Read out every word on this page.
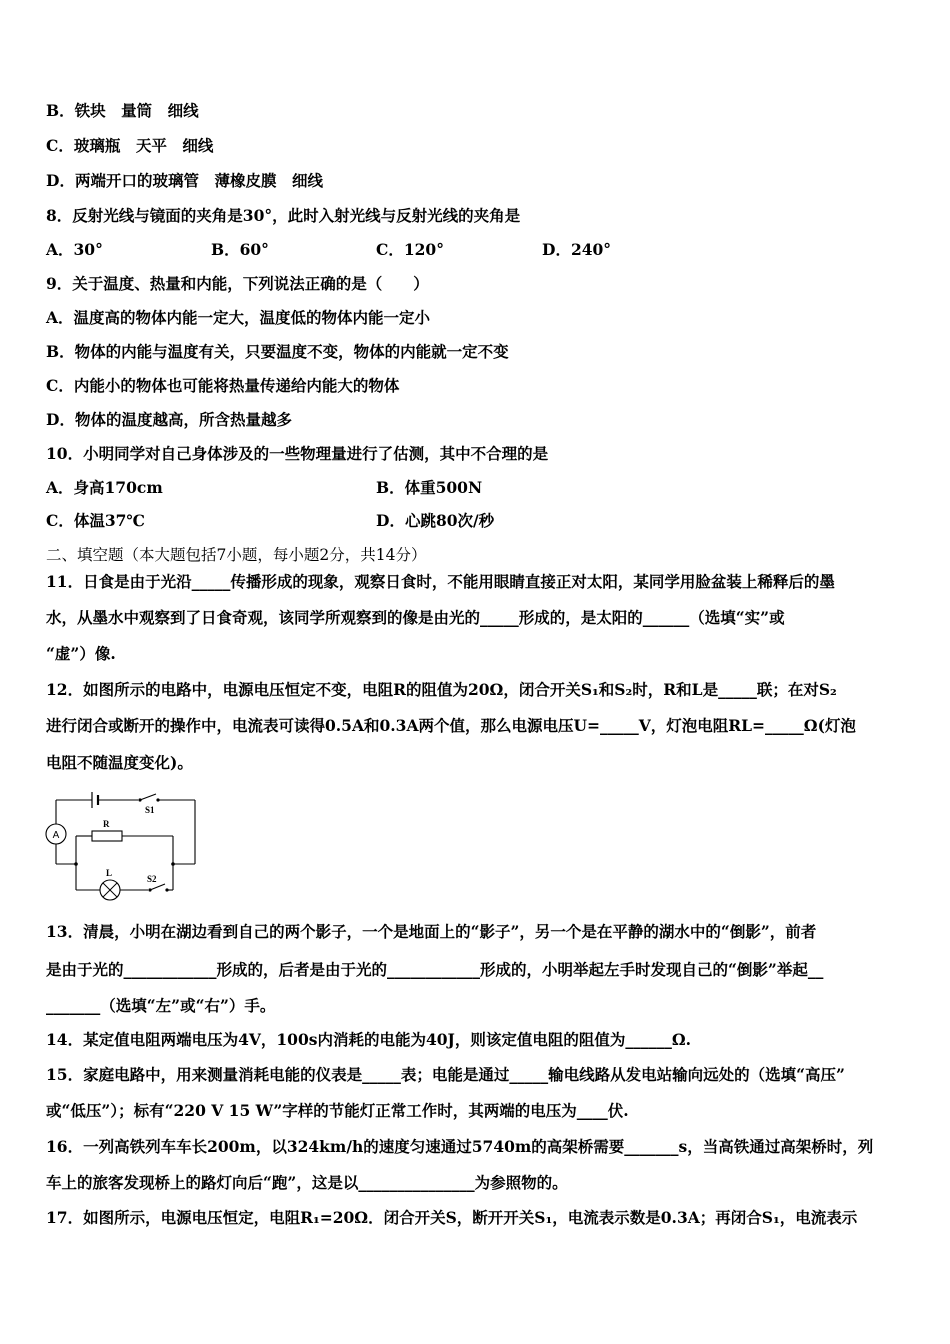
B．铁块　量筒　细线
C．玻璃瓶　天平　细线
D．两端开口的玻璃管　薄橡皮膜　细线
8．反射光线与镜面的夹角是30°，此时入射光线与反射光线的夹角是
A．30°	B．60°	C．120°	D．240°
9．关于温度、热量和内能，下列说法正确的是（　　）
A．温度高的物体内能一定大，温度低的物体内能一定小
B．物体的内能与温度有关，只要温度不变，物体的内能就一定不变
C．内能小的物体也可能将热量传递给内能大的物体
D．物体的温度越高，所含热量越多
10．小明同学对自己身体涉及的一些物理量进行了估测，其中不合理的是
A．身高170cm	B．体重500N
C．体温37℃	D．心跳80次/秒
二、填空题（本大题包括7小题，每小题2分，共14分）
11．日食是由于光沿_____传播形成的现象，观察日食时，不能用眼睛直接正对太阳，某同学用脸盆装上稀释后的墨
水，从墨水中观察到了日食奇观，该同学所观察到的像是由光的_____形成的，是太阳的______（选填“实”或
“虚”）像.
12．如图所示的电路中，电源电压恒定不变，电阻R的阻值为20Ω，闭合开关S₁和S₂时，R和L是_____联；在对S₂
进行闭合或断开的操作中，电流表可读得0.5A和0.3A两个值，那么电源电压U=_____V，灯泡电阻RL=_____Ω(灯泡
电阻不随温度变化)。
A
S1
R
L
S2
13．清晨，小明在湖边看到自己的两个影子，一个是地面上的“影子”，另一个是在平静的湖水中的“倒影”，前者
是由于光的____________形成的，后者是由于光的____________形成的，小明举起左手时发现自己的“倒影”举起__
_______（选填“左”或“右”）手。
14．某定值电阻两端电压为4V，100s内消耗的电能为40J，则该定值电阻的阻值为______Ω.
15．家庭电路中，用来测量消耗电能的仪表是_____表；电能是通过_____输电线路从发电站输向远处的（选填“高压”
或“低压”）；标有“220 V 15 W”字样的节能灯正常工作时，其两端的电压为____伏.
16．一列高铁列车车长200m，以324km/h的速度匀速通过5740m的高架桥需要_______s，当高铁通过高架桥时，列
车上的旅客发现桥上的路灯向后“跑”，这是以_______________为参照物的。
17．如图所示，电源电压恒定，电阻R₁=20Ω．闭合开关S，断开开关S₁，电流表示数是0.3A；再闭合S₁，电流表示
